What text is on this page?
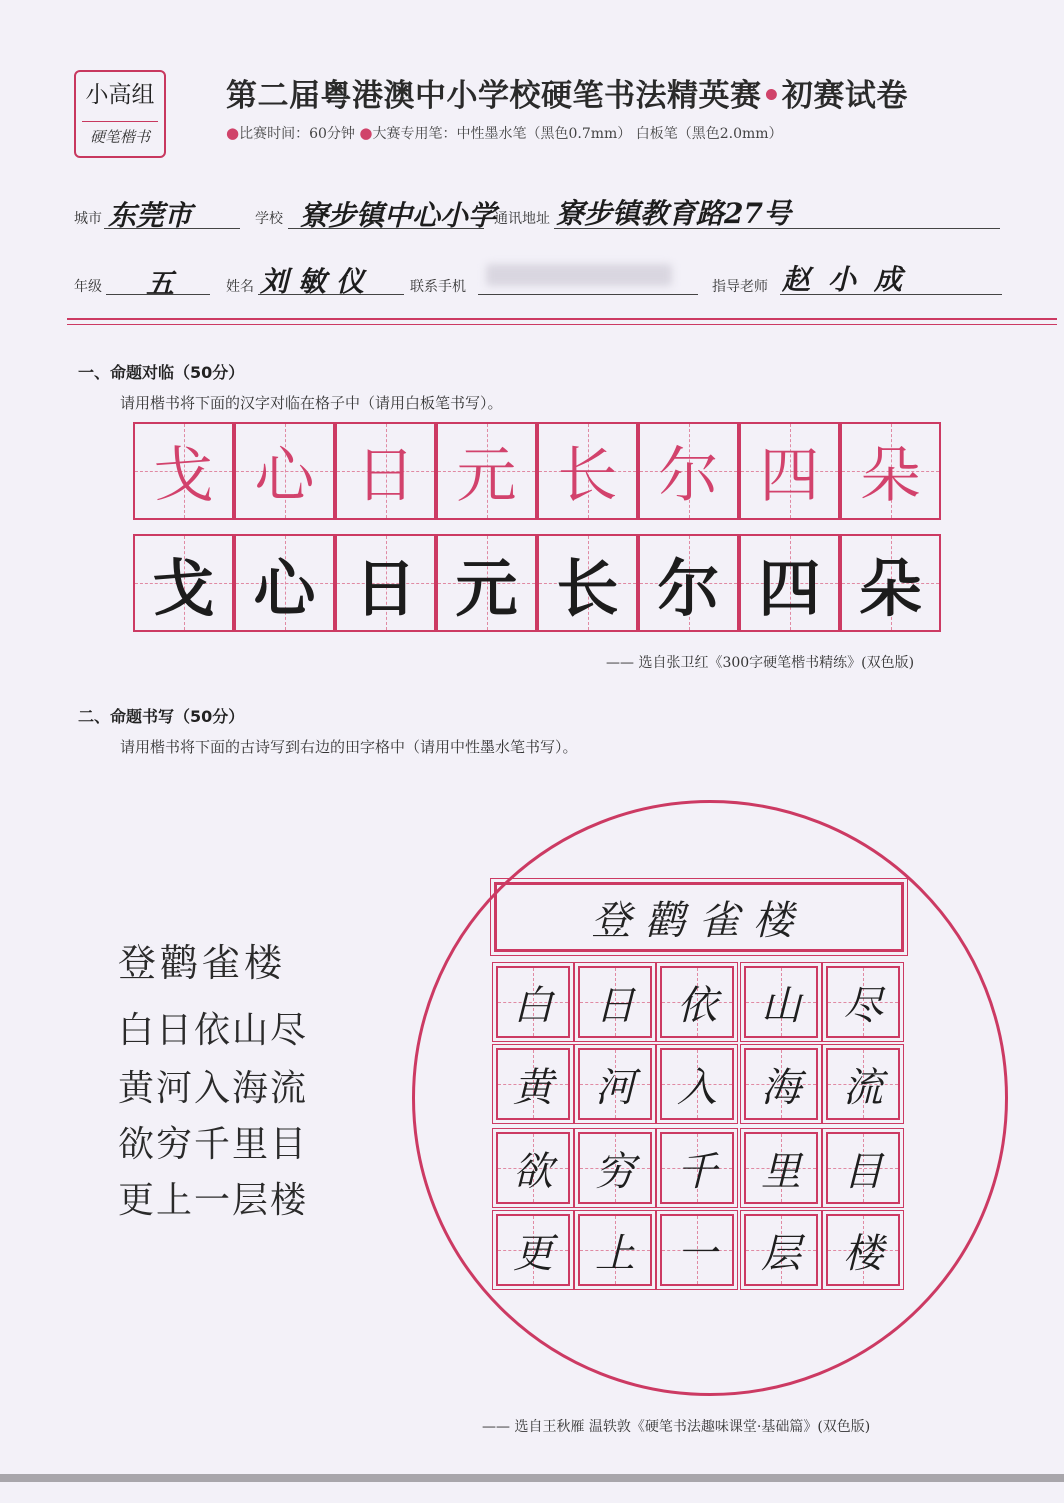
小高组
硬笔楷书
第二届粤港澳中小学校硬笔书法精英赛•初赛试卷
●比赛时间：60分钟 ●大赛专用笔：中性墨水笔（黑色0.7mm） 白板笔（黑色2.0mm）
城市 东莞市	学校 寮步镇中心小学
通讯地址 寮步镇教育路27号
年级 五	姓名 刘敏仪	联系手机	指导老师 赵小成
一、命题对临（50分）
请用楷书将下面的汉字对临在格子中（请用白板笔书写）。
戈 心 日 元 长 尔 四 朵
戈 心 日 元 长 尔 四 朵
—— 选自张卫红《300字硬笔楷书精练》(双色版)
二、命题书写（50分）
请用楷书将下面的古诗写到右边的田字格中（请用中性墨水笔书写）。
登鹳雀楼
白日依山尽
黄河入海流
欲穷千里目
更上一层楼
登鹳雀楼
白	日	依	山	尽
黄	河	入	海	流
欲	穷	千	里	目
更	上	一	层	楼
—— 选自王秋雁 温轶敦《硬笔书法趣味课堂·基础篇》(双色版)
